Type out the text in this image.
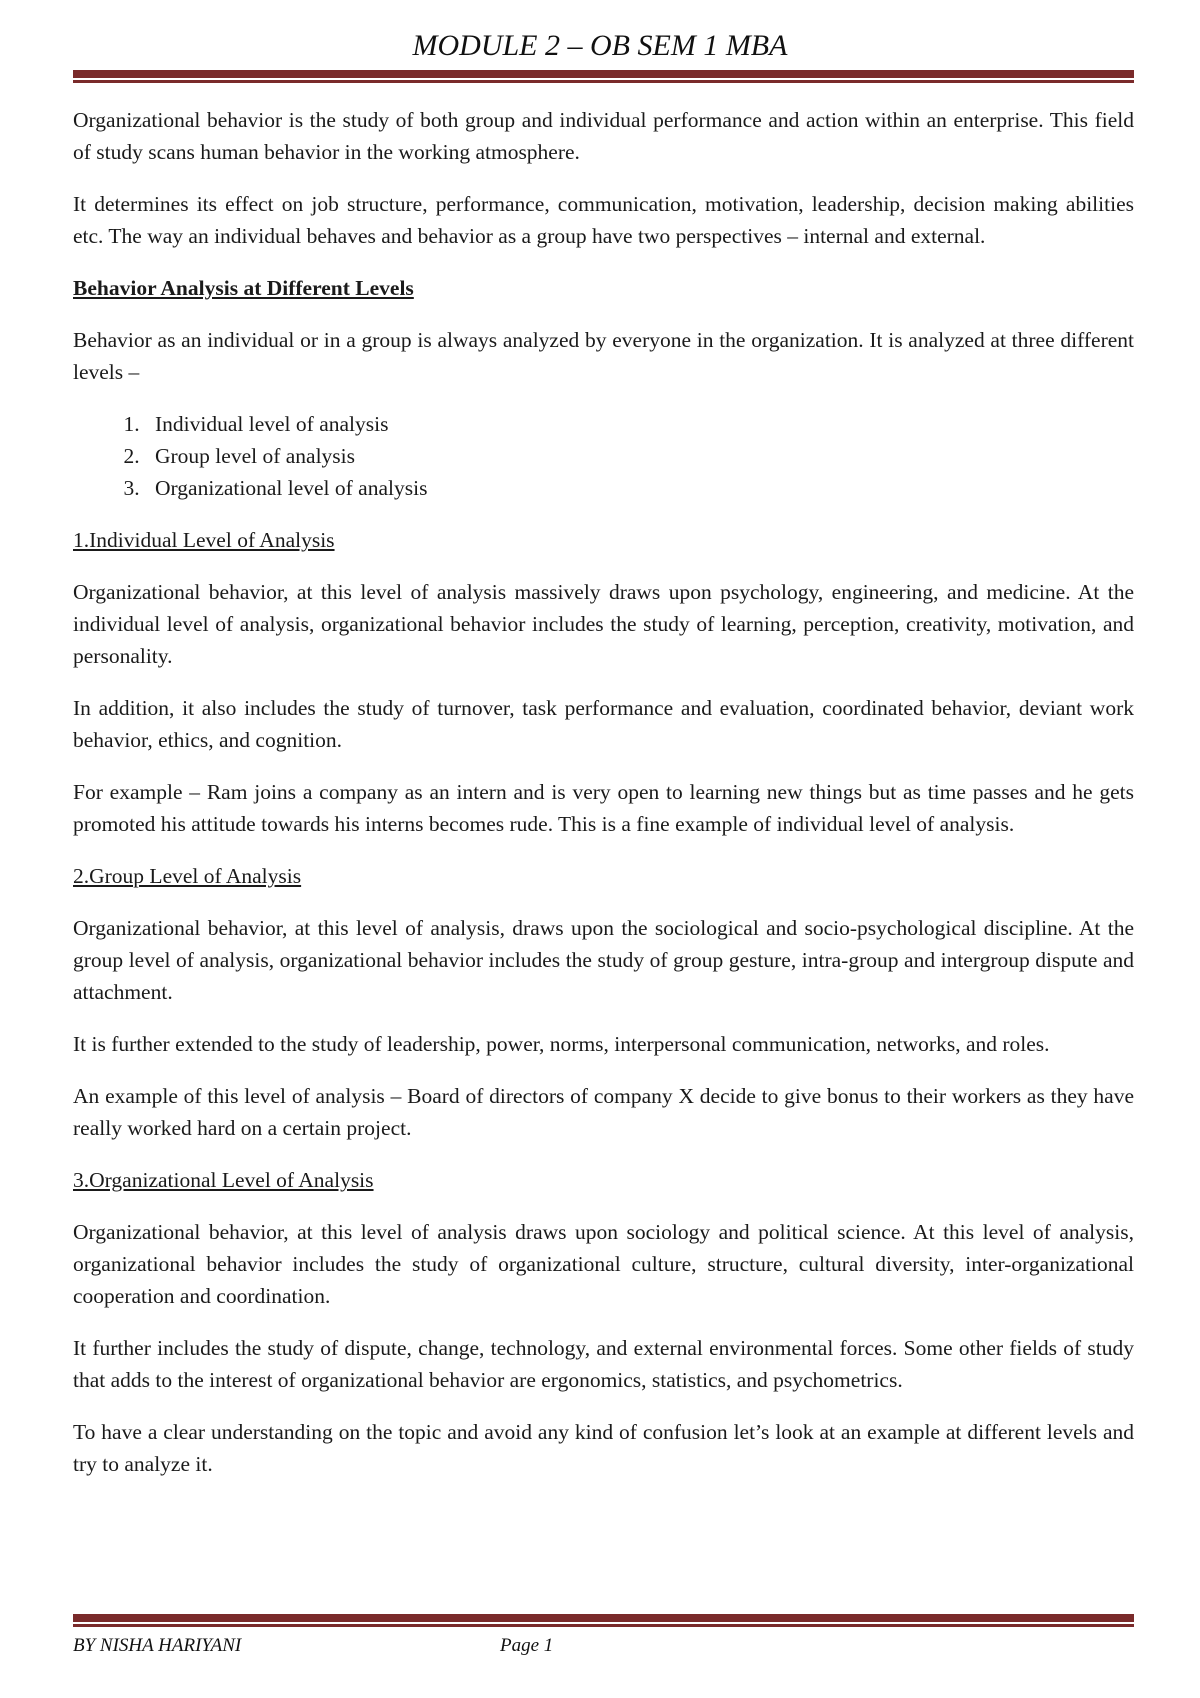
MODULE 2 – OB SEM 1 MBA

Organizational behavior is the study of both group and individual performance and action within an enterprise. This field of study scans human behavior in the working atmosphere.

It determines its effect on job structure, performance, communication, motivation, leadership, decision making abilities etc. The way an individual behaves and behavior as a group have two perspectives – internal and external.

Behavior Analysis at Different Levels

Behavior as an individual or in a group is always analyzed by everyone in the organization. It is analyzed at three different levels –

1. Individual level of analysis
2. Group level of analysis
3. Organizational level of analysis
1.Individual Level of Analysis

Organizational behavior, at this level of analysis massively draws upon psychology, engineering, and medicine. At the individual level of analysis, organizational behavior includes the study of learning, perception, creativity, motivation, and personality.

In addition, it also includes the study of turnover, task performance and evaluation, coordinated behavior, deviant work behavior, ethics, and cognition.

For example – Ram joins a company as an intern and is very open to learning new things but as time passes and he gets promoted his attitude towards his interns becomes rude. This is a fine example of individual level of analysis.

2.Group Level of Analysis

Organizational behavior, at this level of analysis, draws upon the sociological and socio-psychological discipline. At the group level of analysis, organizational behavior includes the study of group gesture, intra-group and intergroup dispute and attachment.

It is further extended to the study of leadership, power, norms, interpersonal communication, networks, and roles.

An example of this level of analysis – Board of directors of company X decide to give bonus to their workers as they have really worked hard on a certain project.

3.Organizational Level of Analysis

Organizational behavior, at this level of analysis draws upon sociology and political science. At this level of analysis, organizational behavior includes the study of organizational culture, structure, cultural diversity, inter-organizational cooperation and coordination.

It further includes the study of dispute, change, technology, and external environmental forces. Some other fields of study that adds to the interest of organizational behavior are ergonomics, statistics, and psychometrics.

To have a clear understanding on the topic and avoid any kind of confusion let’s look at an example at different levels and try to analyze it.

BY NISHA HARIYANI	Page 1
